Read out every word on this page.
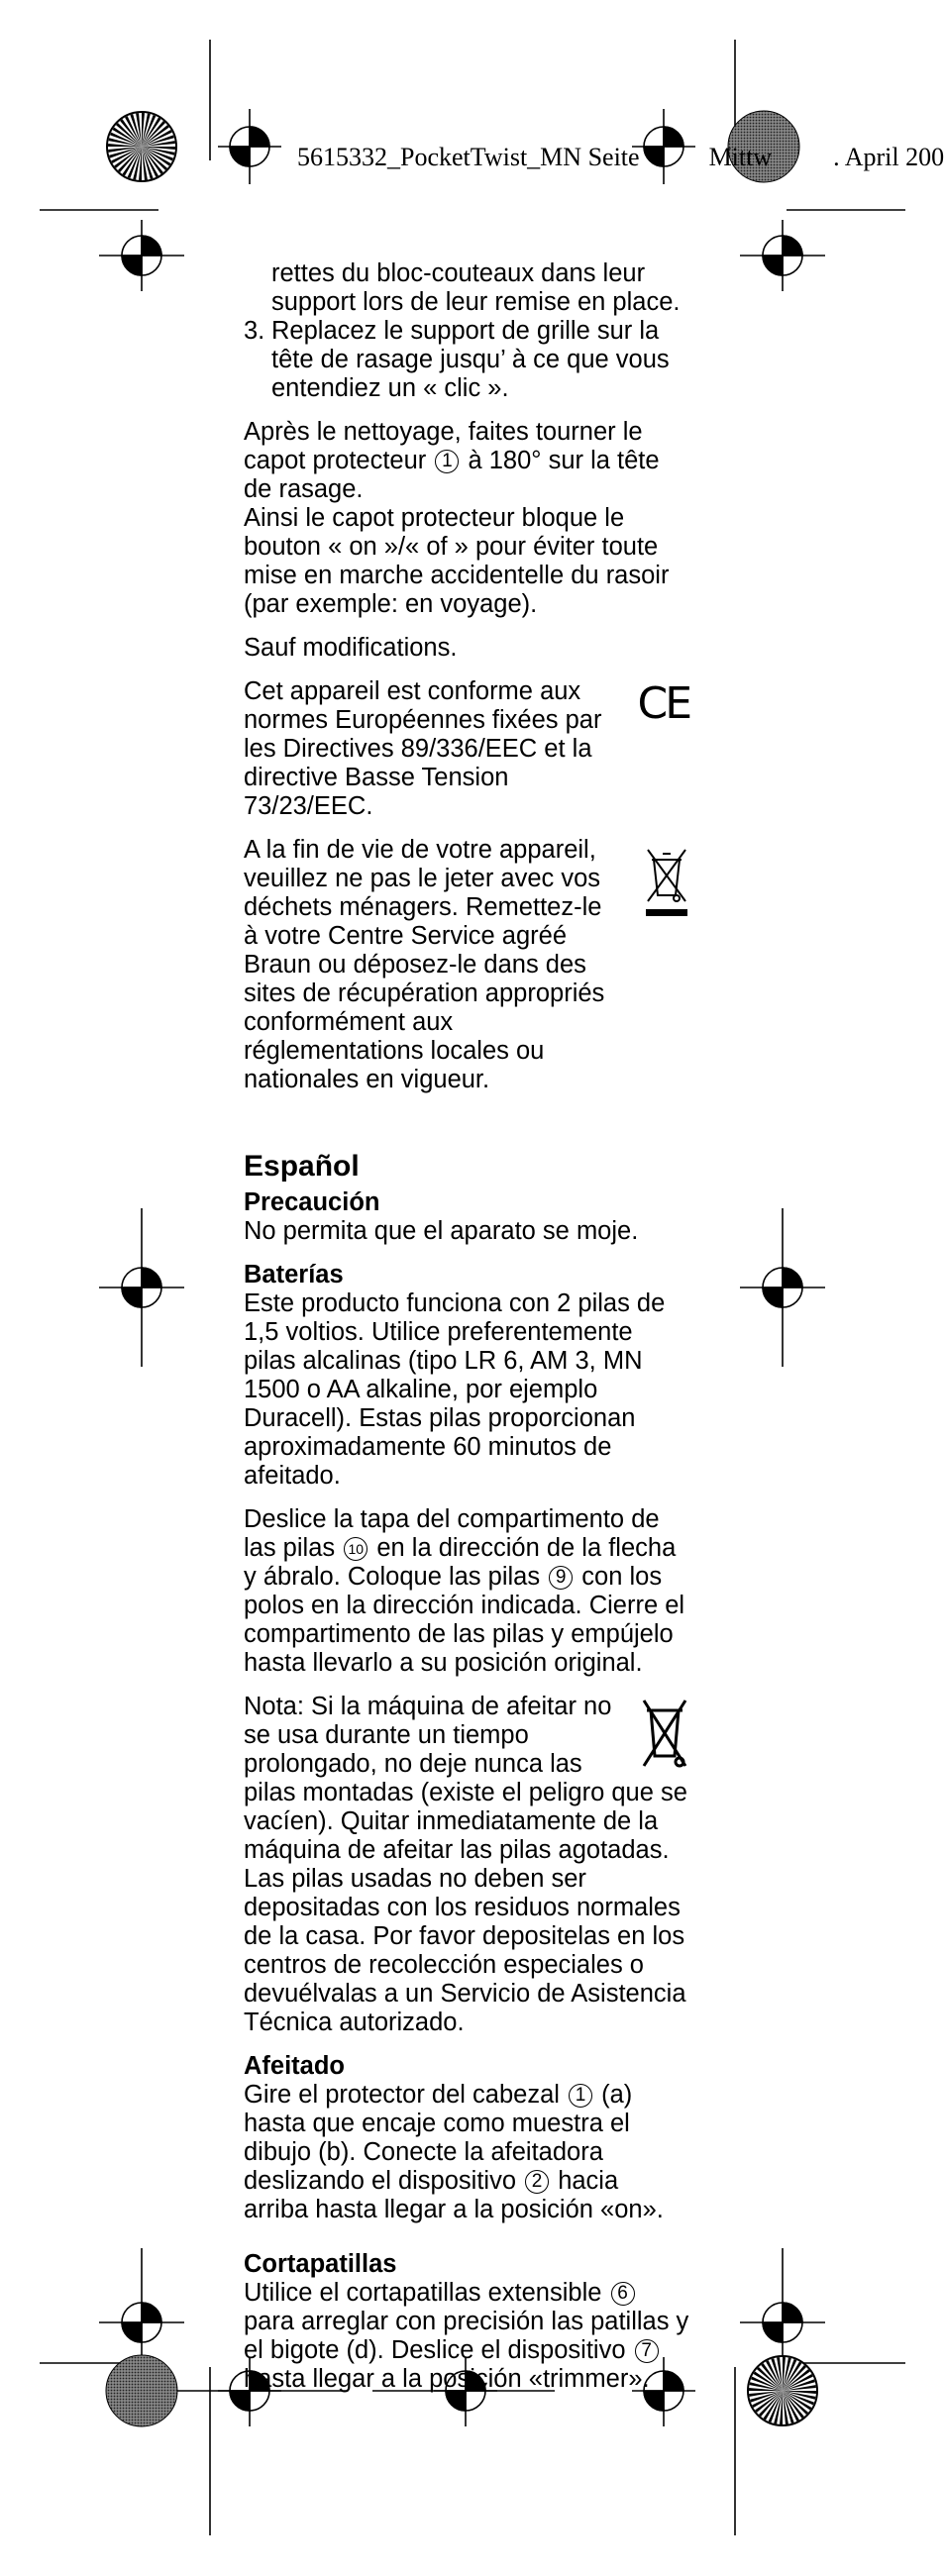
5615332_PocketTwist_MN Seite	Mittw . April 200
rettes du bloc-couteaux dans leur
support lors de leur remise en place.
3. Replacez le support de grille sur la tête de rasage jusqu’ à ce que vous entendiez un « clic ».

Après le nettoyage, faites tourner le capot protecteur 1 à 180° sur la tête de rasage.

Ainsi le capot protecteur bloque le bouton « on »/« of » pour éviter toute mise en marche accidentelle du rasoir (par exemple: en voyage).

Sauf modifications.

Cet appareil est conforme aux normes Européennes fixées par les Directives 89/336/EEC et la directive Basse Tension 73/23/EEC.
CE

A la fin de vie de votre appareil, veuillez ne pas le jeter avec vos déchets ménagers. Remettez-le à votre Centre Service agréé Braun ou déposez-le dans des sites de récupération appropriés conformément aux réglementations locales ou nationales en vigueur.

Español
Precaución

No permita que el aparato se moje.

Baterías

Este producto funciona con 2 pilas de 1,5 voltios. Utilice preferentemente pilas alcalinas (tipo LR 6, AM 3, MN 1500 o AA alkaline, por ejemplo Duracell). Estas pilas proporcionan aproximadamente 60 minutos de afeitado.

Deslice la tapa del compartimento de las pilas 10 en la dirección de la flecha y ábralo. Coloque las pilas 9 con los polos en la dirección indicada. Cierre el compartimento de las pilas y empújelo hasta llevarlo a su posición original.

Nota: Si la máquina de afeitar no se usa durante un tiempo prolongado, no deje nunca las pilas montadas (existe el peligro que se vacíen). Quitar inmediatamente de la máquina de afeitar las pilas agotadas. Las pilas usadas no deben ser depositadas con los residuos normales de la casa. Por favor depositelas en los centros de recolección especiales o devuélvalas a un Servicio de Asistencia Técnica autorizado.

Afeitado

Gire el protector del cabezal 1 (a) hasta que encaje como muestra el dibujo (b). Conecte la afeitadora deslizando el dispositivo 2 hacia arriba hasta llegar a la posición «on».

Cortapatillas

Utilice el cortapatillas extensible 6 para arreglar con precisión las patillas y el bigote (d). Deslice el dispositivo 7 hasta llegar a la posición «trimmer».
